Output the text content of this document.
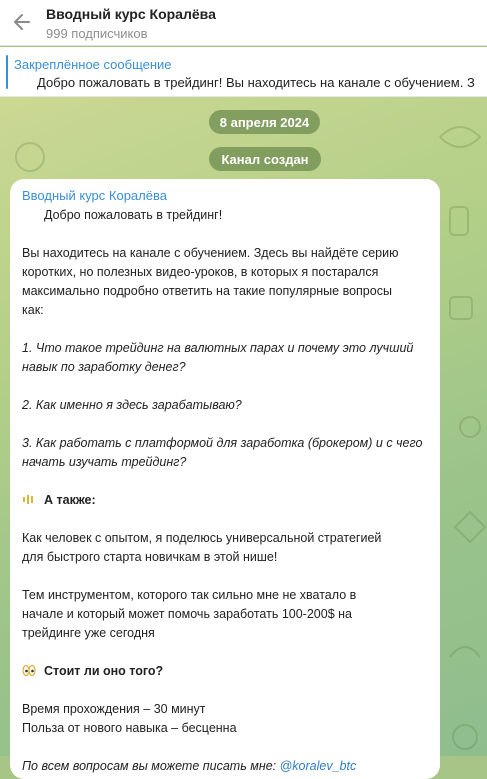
Вводный курс Коралёва
999 подписчиков
Закреплённое сообщение
Добро пожаловать в трейдинг! Вы находитесь на канале с обучением. З
8 апреля 2024
Канал создан
Вводный курс Коралёва
Добро пожаловать в трейдинг!
Вы находитесь на канале с обучением. Здесь вы найдёте серию
коротких, но полезных видео-уроков, в которых я постарался
максимально подробно ответить на такие популярные вопросы
как:
1. Что такое трейдинг на валютных парах и почему это лучший
навык по заработку денег?
2. Как именно я здесь зарабатываю?
3. Как работать с платформой для заработка (брокером) и с чего
начать изучать трейдинг?
А также:
Как человек с опытом, я поделюсь универсальной стратегией
для быстрого старта новичкам в этой нише!
Тем инструментом, которого так сильно мне не хватало в
начале и который может помочь заработать 100-200$ на
трейдинге уже сегодня
Стоит ли оно того?
Время прохождения – 30 минут
Польза от нового навыка – бесценна
По всем вопросам вы можете писать мне: @koralev_btc
